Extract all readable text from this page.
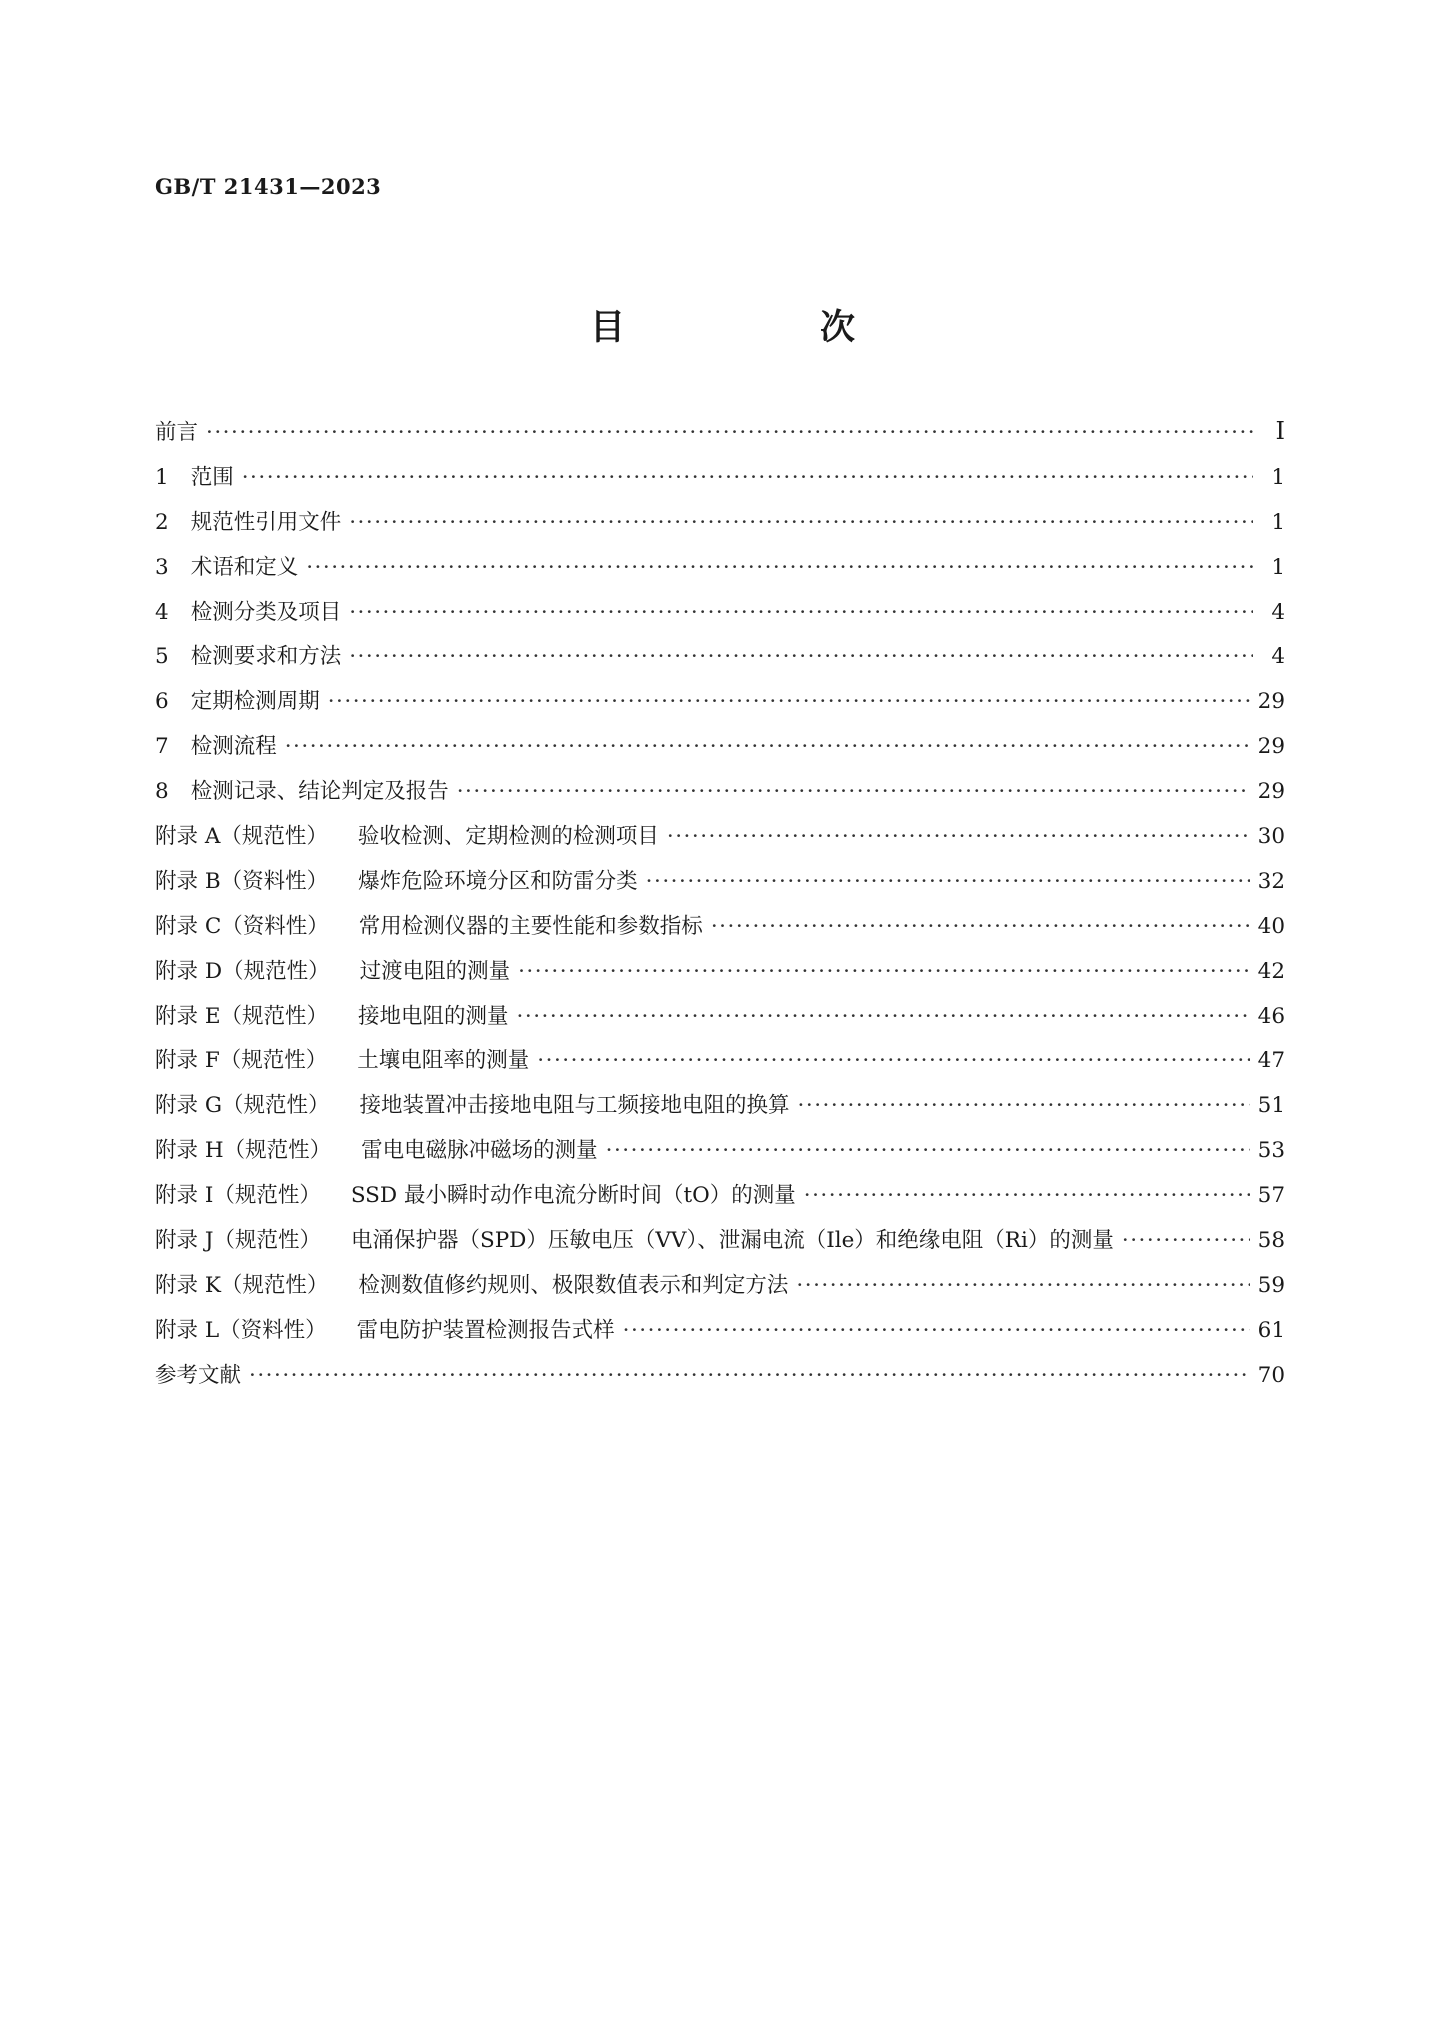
GB/T 21431—2023
目　次
前言 ·····	Ⅰ
1 范围 ·····	1
2 规范性引用文件 ·····	1
3 术语和定义 ·····	1
4 检测分类及项目 ·····	4
5 检测要求和方法 ·····	4
6 定期检测周期 ·····	29
7 检测流程 ·····	29
8 检测记录、结论判定及报告 ·····	29
附录 A（规范性） 验收检测、定期检测的检测项目 ·····	30
附录 B（资料性） 爆炸危险环境分区和防雷分类 ·····	32
附录 C（资料性） 常用检测仪器的主要性能和参数指标 ·····	40
附录 D（规范性） 过渡电阻的测量 ·····	42
附录 E（规范性） 接地电阻的测量 ·····	46
附录 F（规范性） 土壤电阻率的测量 ·····	47
附录 G（规范性） 接地装置冲击接地电阻与工频接地电阻的换算 ·····	51
附录 H（规范性） 雷电电磁脉冲磁场的测量 ·····	53
附录 I（规范性） SSD 最小瞬时动作电流分断时间（tO）的测量 ·····	57
附录 J（规范性） 电涌保护器（SPD）压敏电压（VV）、泄漏电流（Ile）和绝缘电阻（Ri）的测量 ·····	58
附录 K（规范性） 检测数值修约规则、极限数值表示和判定方法 ·····	59
附录 L（资料性） 雷电防护装置检测报告式样 ·····	61
参考文献 ·····	70
